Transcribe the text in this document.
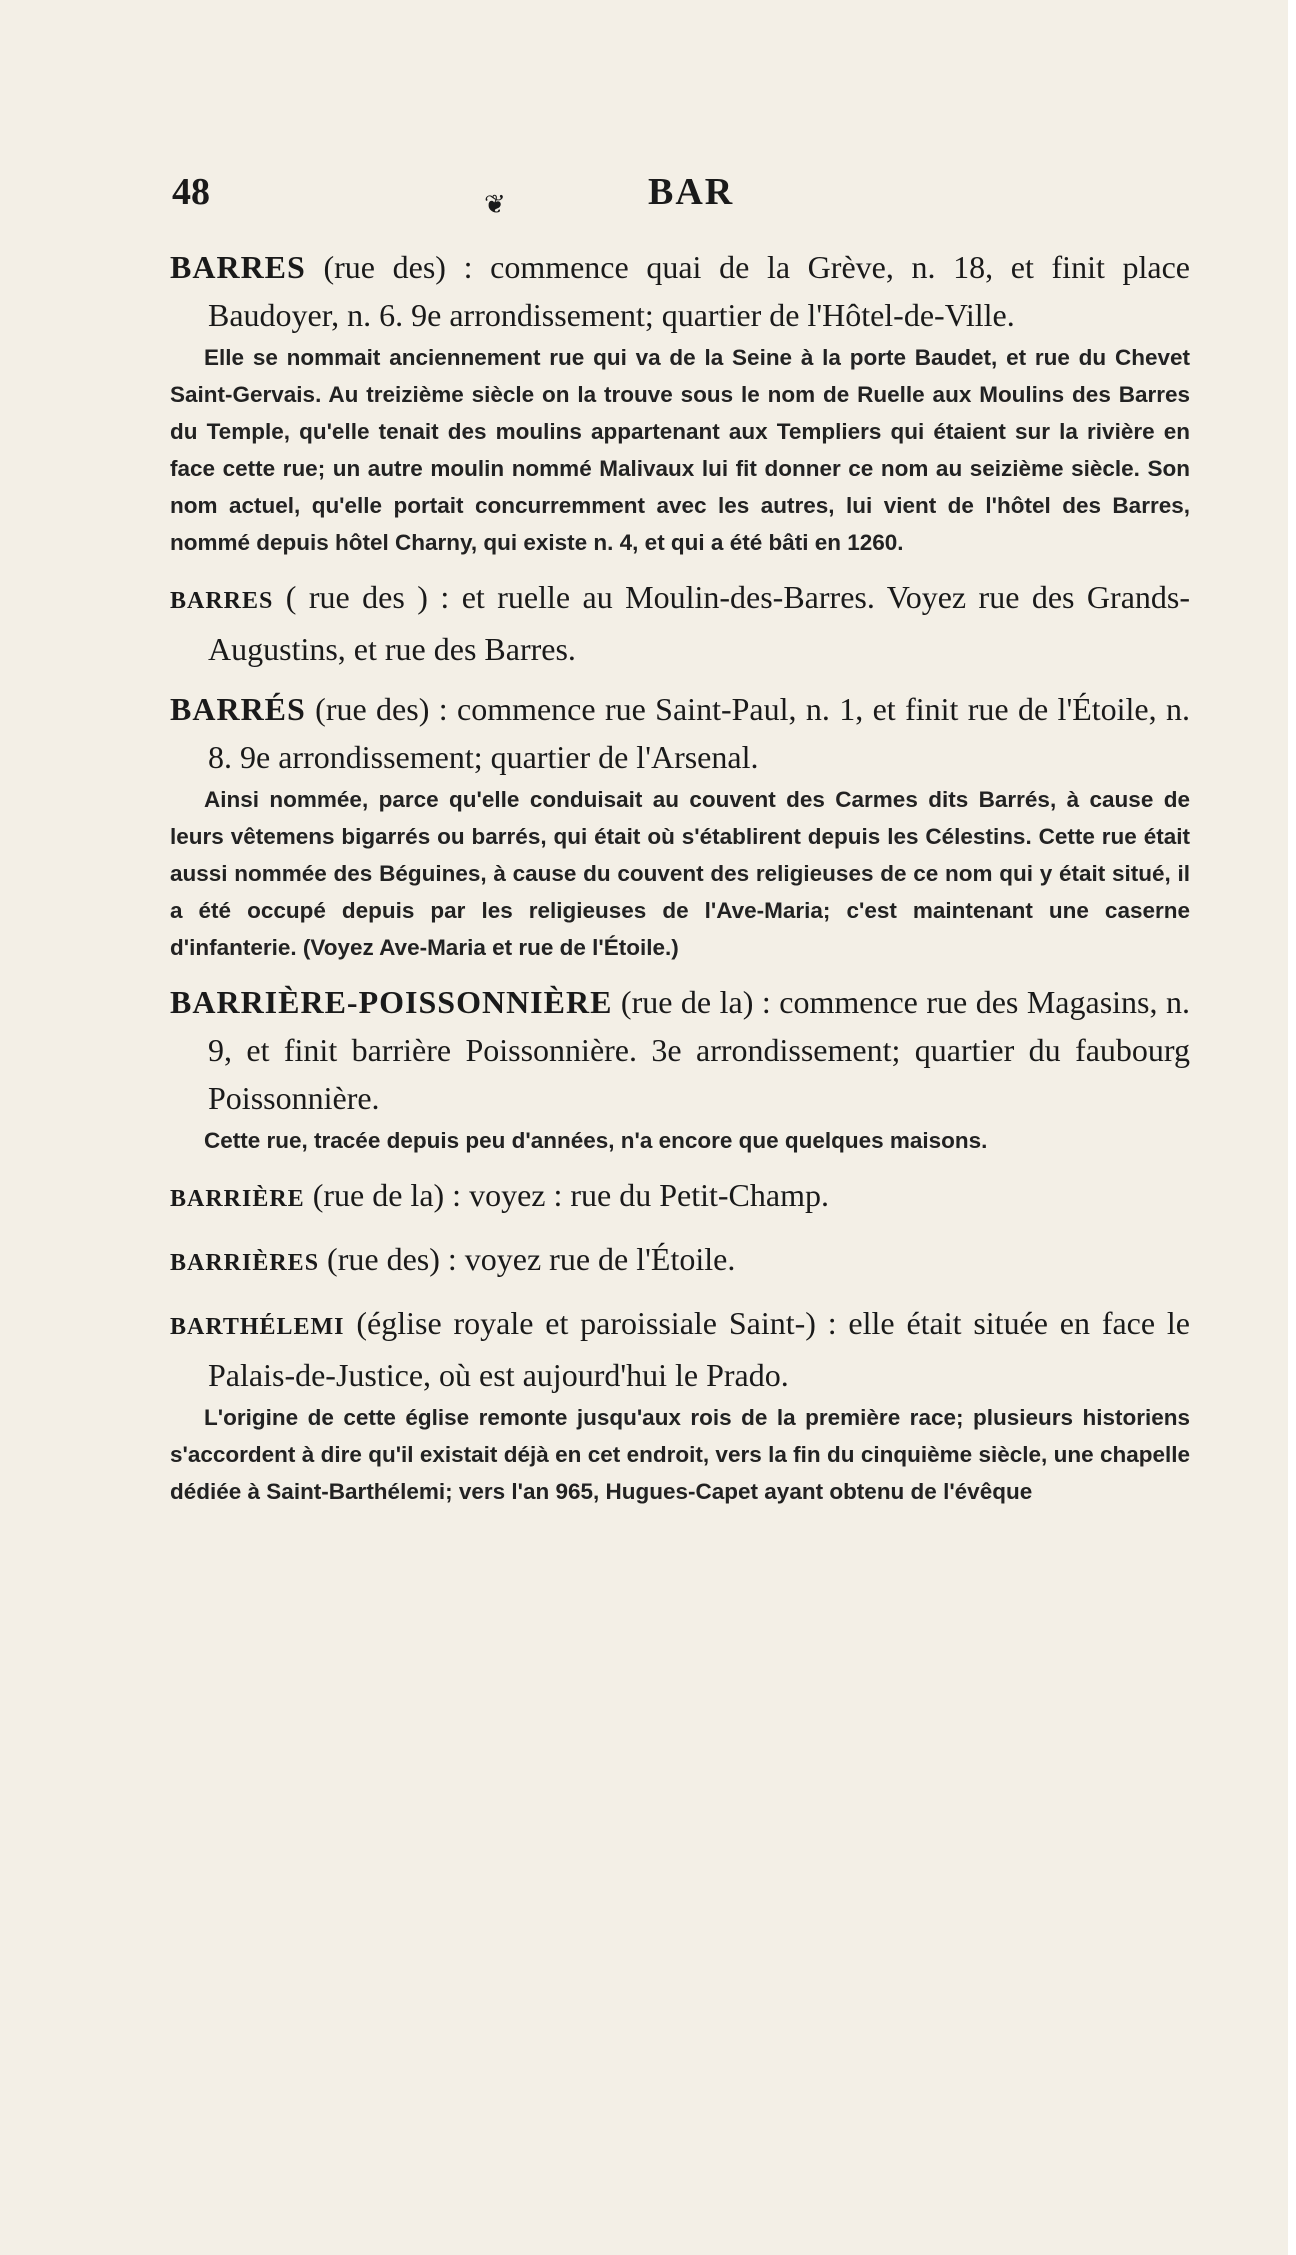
48	❦	BAR

BARRES (rue des) : commence quai de la Grève, n. 18, et finit place Baudoyer, n. 6. 9e arrondissement; quartier de l'Hôtel-de-Ville.

Elle se nommait anciennement rue qui va de la Seine à la porte Baudet, et rue du Chevet Saint-Gervais. Au treizième siècle on la trouve sous le nom de Ruelle aux Moulins des Barres du Temple, qu'elle tenait des moulins appartenant aux Templiers qui étaient sur la rivière en face cette rue; un autre moulin nommé Malivaux lui fit donner ce nom au seizième siècle. Son nom actuel, qu'elle portait concurremment avec les autres, lui vient de l'hôtel des Barres, nommé depuis hôtel Charny, qui existe n. 4, et qui a été bâti en 1260.

BARRES ( rue des ) : et ruelle au Moulin-des-Barres. Voyez rue des Grands-Augustins, et rue des Barres.

BARRÉS (rue des) : commence rue Saint-Paul, n. 1, et finit rue de l'Étoile, n. 8. 9e arrondissement; quartier de l'Arsenal.

Ainsi nommée, parce qu'elle conduisait au couvent des Carmes dits Barrés, à cause de leurs vêtemens bigarrés ou barrés, qui était où s'établirent depuis les Célestins. Cette rue était aussi nommée des Béguines, à cause du couvent des religieuses de ce nom qui y était situé, il a été occupé depuis par les religieuses de l'Ave-Maria; c'est maintenant une caserne d'infanterie. (Voyez Ave-Maria et rue de l'Étoile.)

BARRIÈRE-POISSONNIÈRE (rue de la) : commence rue des Magasins, n. 9, et finit barrière Poissonnière. 3e arrondissement; quartier du faubourg Poissonnière.

Cette rue, tracée depuis peu d'années, n'a encore que quelques maisons.

BARRIÈRE (rue de la) : voyez : rue du Petit-Champ.

BARRIÈRES (rue des) : voyez rue de l'Étoile.

BARTHÉLEMI (église royale et paroissiale Saint-) : elle était située en face le Palais-de-Justice, où est aujourd'hui le Prado.

L'origine de cette église remonte jusqu'aux rois de la première race; plusieurs historiens s'accordent à dire qu'il existait déjà en cet endroit, vers la fin du cinquième siècle, une chapelle dédiée à Saint-Barthélemi; vers l'an 965, Hugues-Capet ayant obtenu de l'évêque
